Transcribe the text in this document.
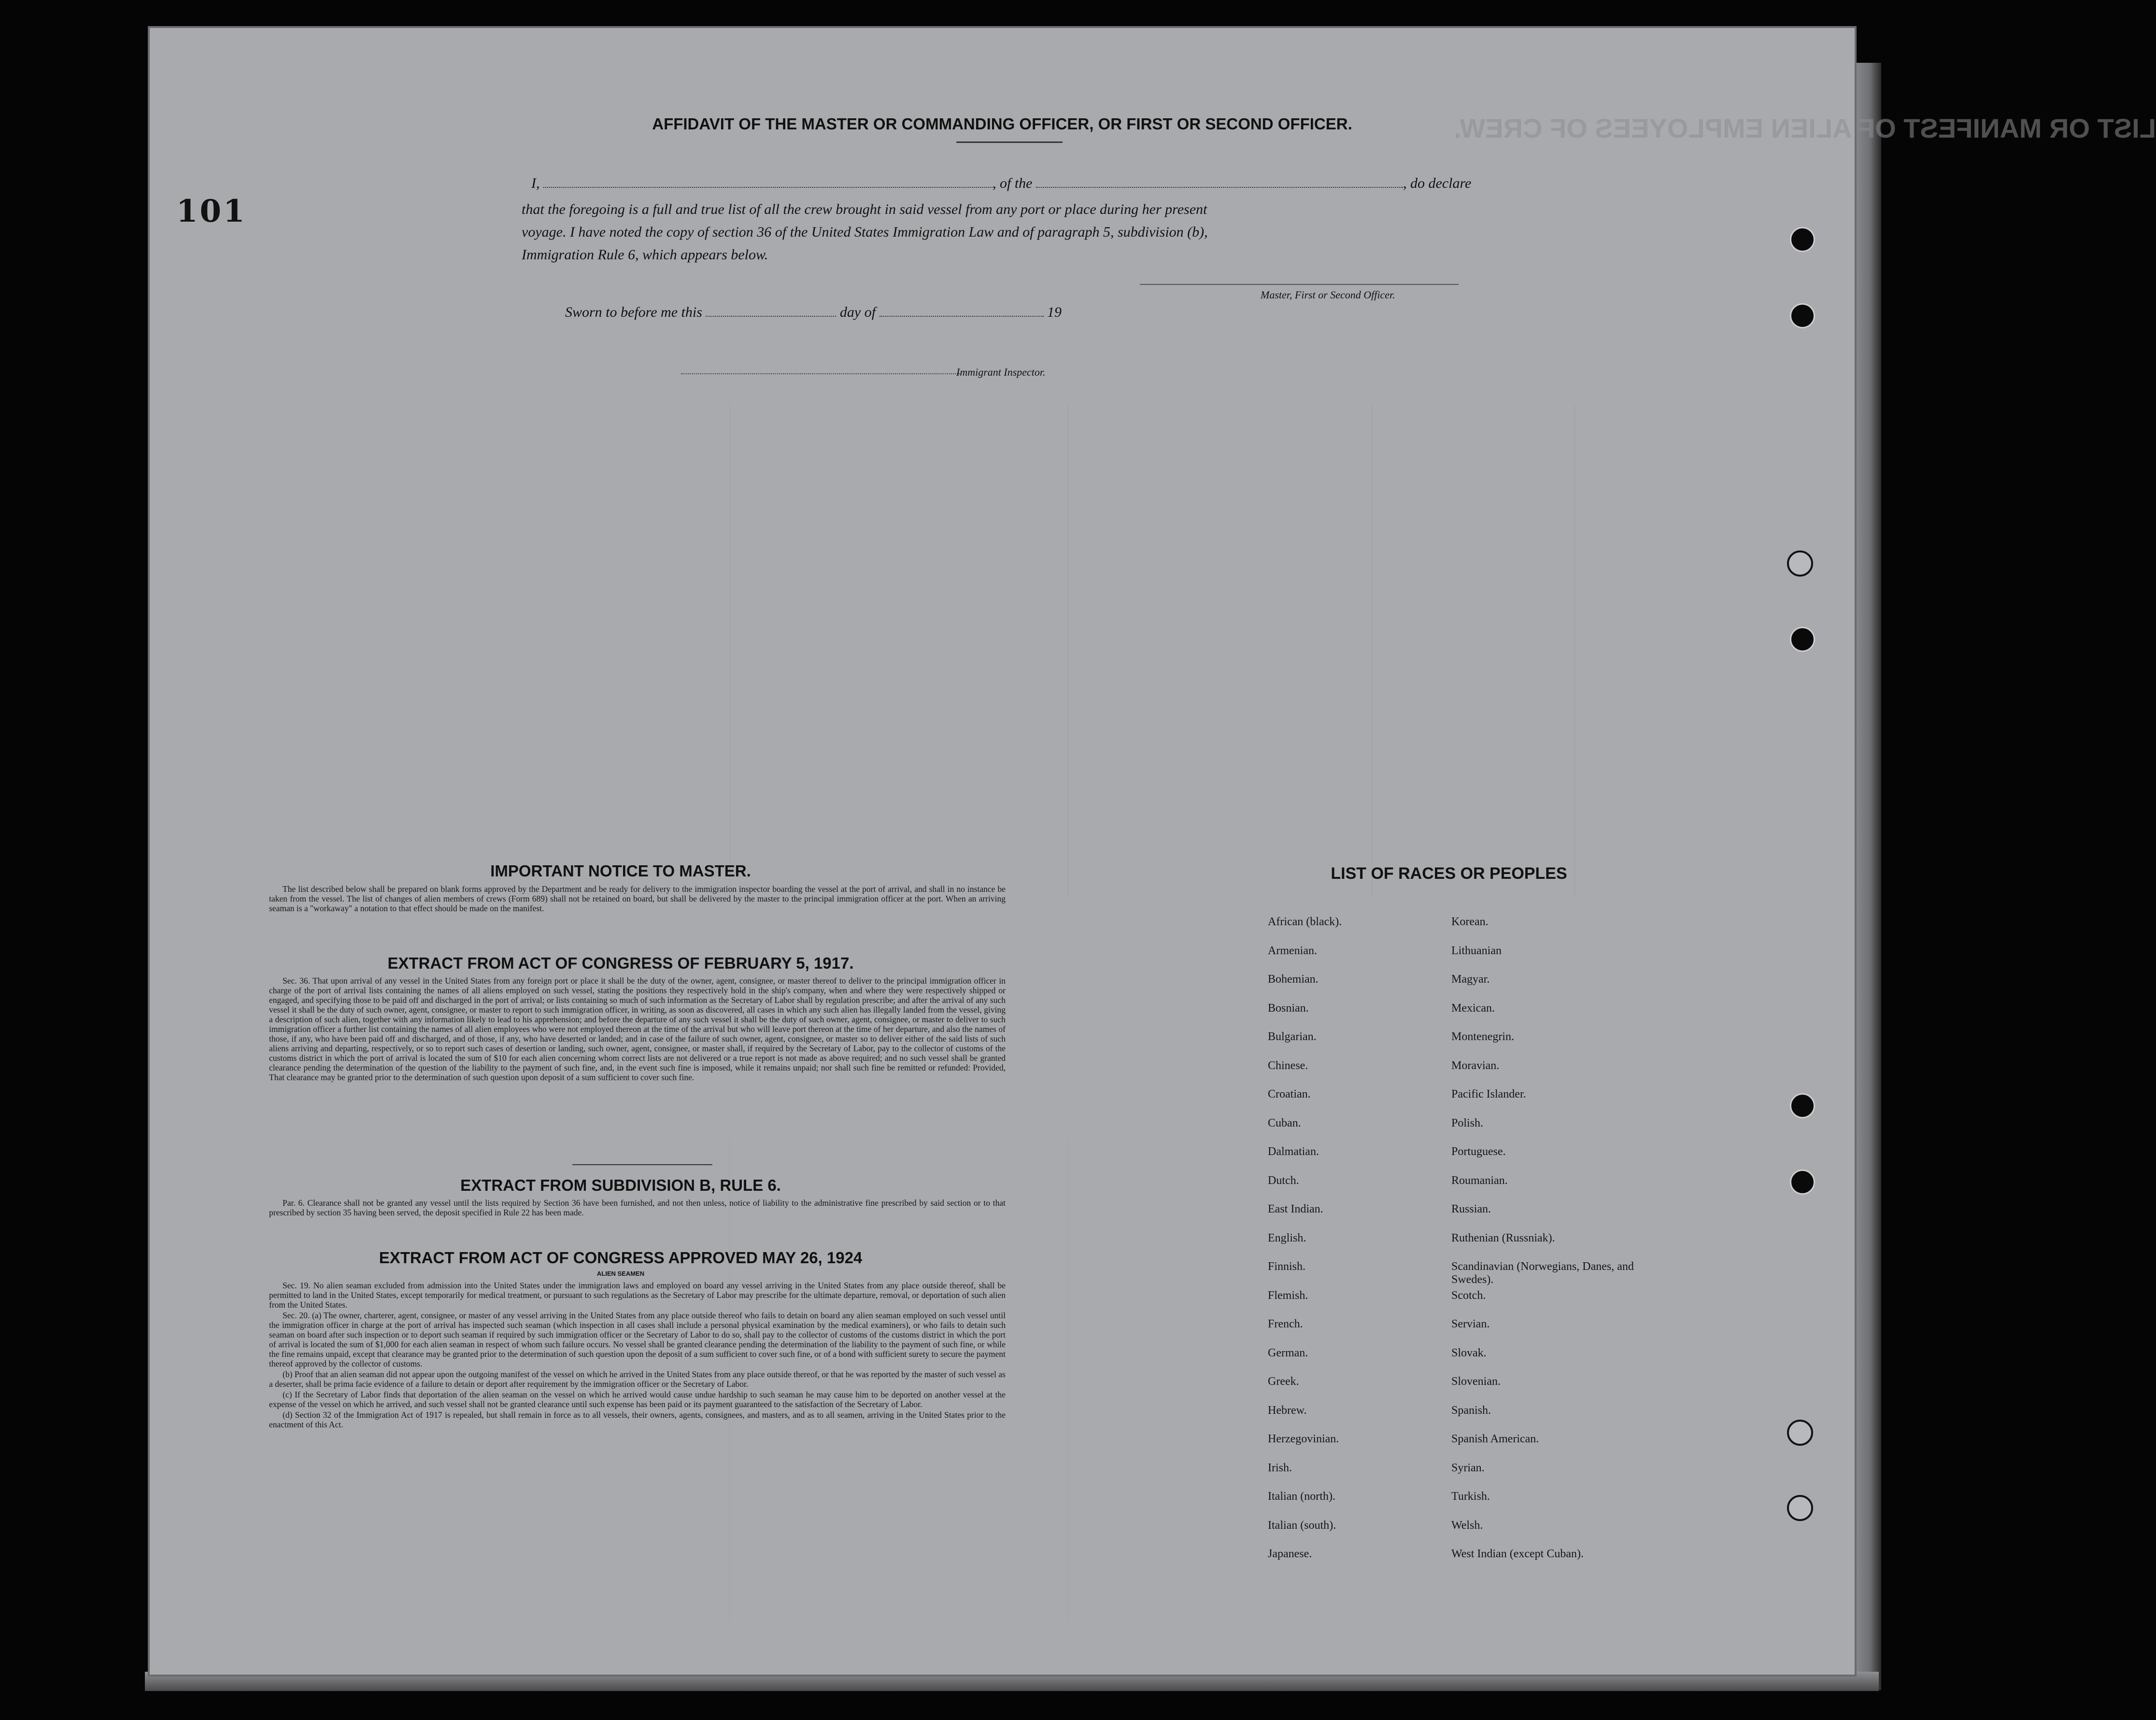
LIST OR MANIFEST OF ALIEN EMPLOYEES OF CREW.
AFFIDAVIT OF THE MASTER OR COMMANDING OFFICER, OR FIRST OR SECOND OFFICER.
I,	, of the	, do declare
that the foregoing is a full and true list of all the crew brought in said vessel from any port or place during her present
voyage. I have noted the copy of section 36 of the United States Immigration Law and of paragraph 5, subdivision (b),
Immigration Rule 6, which appears below.
Master, First or Second Officer.
Sworn to before me this	day of	19
Immigrant Inspector.
IMPORTANT NOTICE TO MASTER.

The list described below shall be prepared on blank forms approved by the Department and be ready for delivery to the immigration inspector boarding the vessel at the port of arrival, and shall in no instance be taken from the vessel. The list of changes of alien members of crews (Form 689) shall not be retained on board, but shall be delivered by the master to the principal immigration officer at the port. When an arriving seaman is a "workaway" a notation to that effect should be made on the manifest.

EXTRACT FROM ACT OF CONGRESS OF FEBRUARY 5, 1917.

Sec. 36. That upon arrival of any vessel in the United States from any foreign port or place it shall be the duty of the owner, agent, consignee, or master thereof to deliver to the principal immigration officer in charge of the port of arrival lists containing the names of all aliens employed on such vessel, stating the positions they respectively hold in the ship's company, when and where they were respectively shipped or engaged, and specifying those to be paid off and discharged in the port of arrival; or lists containing so much of such information as the Secretary of Labor shall by regulation prescribe; and after the arrival of any such vessel it shall be the duty of such owner, agent, consignee, or master to report to such immigration officer, in writing, as soon as discovered, all cases in which any such alien has illegally landed from the vessel, giving a description of such alien, together with any information likely to lead to his apprehension; and before the departure of any such vessel it shall be the duty of such owner, agent, consignee, or master to deliver to such immigration officer a further list containing the names of all alien employees who were not employed thereon at the time of the arrival but who will leave port thereon at the time of her departure, and also the names of those, if any, who have been paid off and discharged, and of those, if any, who have deserted or landed; and in case of the failure of such owner, agent, consignee, or master so to deliver either of the said lists of such aliens arriving and departing, respectively, or so to report such cases of desertion or landing, such owner, agent, consignee, or master shall, if required by the Secretary of Labor, pay to the collector of customs of the customs district in which the port of arrival is located the sum of $10 for each alien concerning whom correct lists are not delivered or a true report is not made as above required; and no such vessel shall be granted clearance pending the determination of the question of the liability to the payment of such fine, and, in the event such fine is imposed, while it remains unpaid; nor shall such fine be remitted or refunded: Provided, That clearance may be granted prior to the determination of such question upon deposit of a sum sufficient to cover such fine.

EXTRACT FROM SUBDIVISION B, RULE 6.

Par. 6. Clearance shall not be granted any vessel until the lists required by Section 36 have been furnished, and not then unless, notice of liability to the administrative fine prescribed by said section or to that prescribed by section 35 having been served, the deposit specified in Rule 22 has been made.

EXTRACT FROM ACT OF CONGRESS APPROVED MAY 26, 1924
ALIEN SEAMEN

Sec. 19. No alien seaman excluded from admission into the United States under the immigration laws and employed on board any vessel arriving in the United States from any place outside thereof, shall be permitted to land in the United States, except temporarily for medical treatment, or pursuant to such regulations as the Secretary of Labor may prescribe for the ultimate departure, removal, or deportation of such alien from the United States.

Sec. 20. (a) The owner, charterer, agent, consignee, or master of any vessel arriving in the United States from any place outside thereof who fails to detain on board any alien seaman employed on such vessel until the immigration officer in charge at the port of arrival has inspected such seaman (which inspection in all cases shall include a personal physical examination by the medical examiners), or who fails to detain such seaman on board after such inspection or to deport such seaman if required by such immigration officer or the Secretary of Labor to do so, shall pay to the collector of customs of the customs district in which the port of arrival is located the sum of $1,000 for each alien seaman in respect of whom such failure occurs. No vessel shall be granted clearance pending the determination of the liability to the payment of such fine, or while the fine remains unpaid, except that clearance may be granted prior to the determination of such question upon the deposit of a sum sufficient to cover such fine, or of a bond with sufficient surety to secure the payment thereof approved by the collector of customs.

(b) Proof that an alien seaman did not appear upon the outgoing manifest of the vessel on which he arrived in the United States from any place outside thereof, or that he was reported by the master of such vessel as a deserter, shall be prima facie evidence of a failure to detain or deport after requirement by the immigration officer or the Secretary of Labor.

(c) If the Secretary of Labor finds that deportation of the alien seaman on the vessel on which he arrived would cause undue hardship to such seaman he may cause him to be deported on another vessel at the expense of the vessel on which he arrived, and such vessel shall not be granted clearance until such expense has been paid or its payment guaranteed to the satisfaction of the Secretary of Labor.

(d) Section 32 of the Immigration Act of 1917 is repealed, but shall remain in force as to all vessels, their owners, agents, consignees, and masters, and as to all seamen, arriving in the United States prior to the enactment of this Act.

LIST OF RACES OR PEOPLES
African (black).
Armenian.
Bohemian.
Bosnian.
Bulgarian.
Chinese.
Croatian.
Cuban.
Dalmatian.
Dutch.
East Indian.
English.
Finnish.
Flemish.
French.
German.
Greek.
Hebrew.
Herzegovinian.
Irish.
Italian (north).
Italian (south).
Japanese.
Korean.
Lithuanian
Magyar.
Mexican.
Montenegrin.
Moravian.
Pacific Islander.
Polish.
Portuguese.
Roumanian.
Russian.
Ruthenian (Russniak).
Scandinavian (Norwegians, Danes, and Swedes).
Scotch.
Servian.
Slovak.
Slovenian.
Spanish.
Spanish American.
Syrian.
Turkish.
Welsh.
West Indian (except Cuban).
101
